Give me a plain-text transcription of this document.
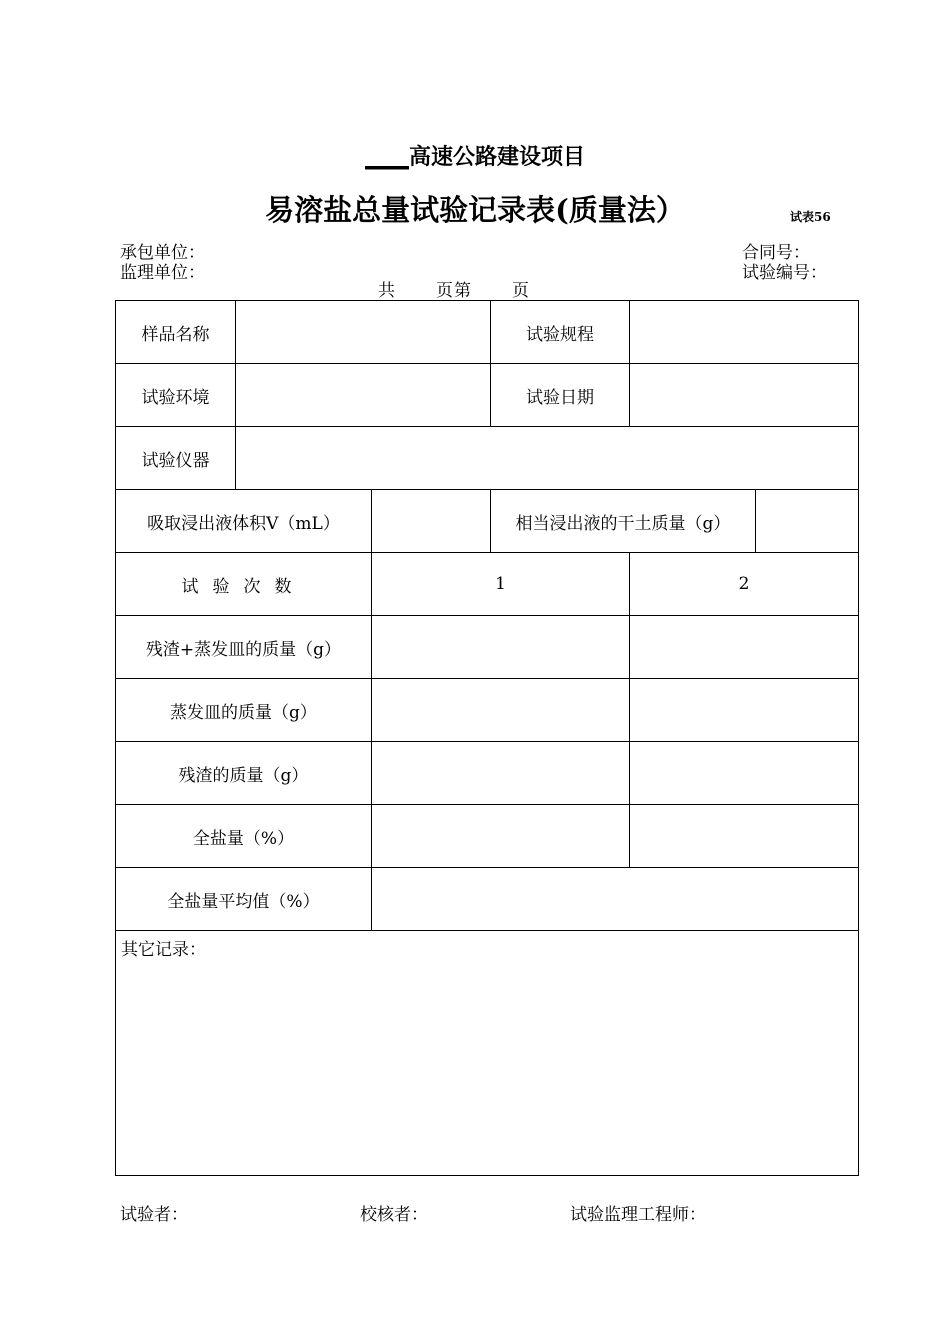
____高速公路建设项目
易溶盐总量试验记录表(质量法）	试表56
承包单位：
监理单位：
合同号：
试验编号：
共 页第 页
样品名称			试验规程		
试验环境			试验日期		
试验仪器					
吸取浸出液体积V（mL）			相当浸出液的干土质量（g）		
试验次数		1		2	
残渣+蒸发皿的质量（g）					
蒸发皿的质量（g）					
残渣的质量（g）					
全盐量（%）					
全盐量平均值（%）					
其它记录：					
试验者：	校核者：	试验监理工程师：
